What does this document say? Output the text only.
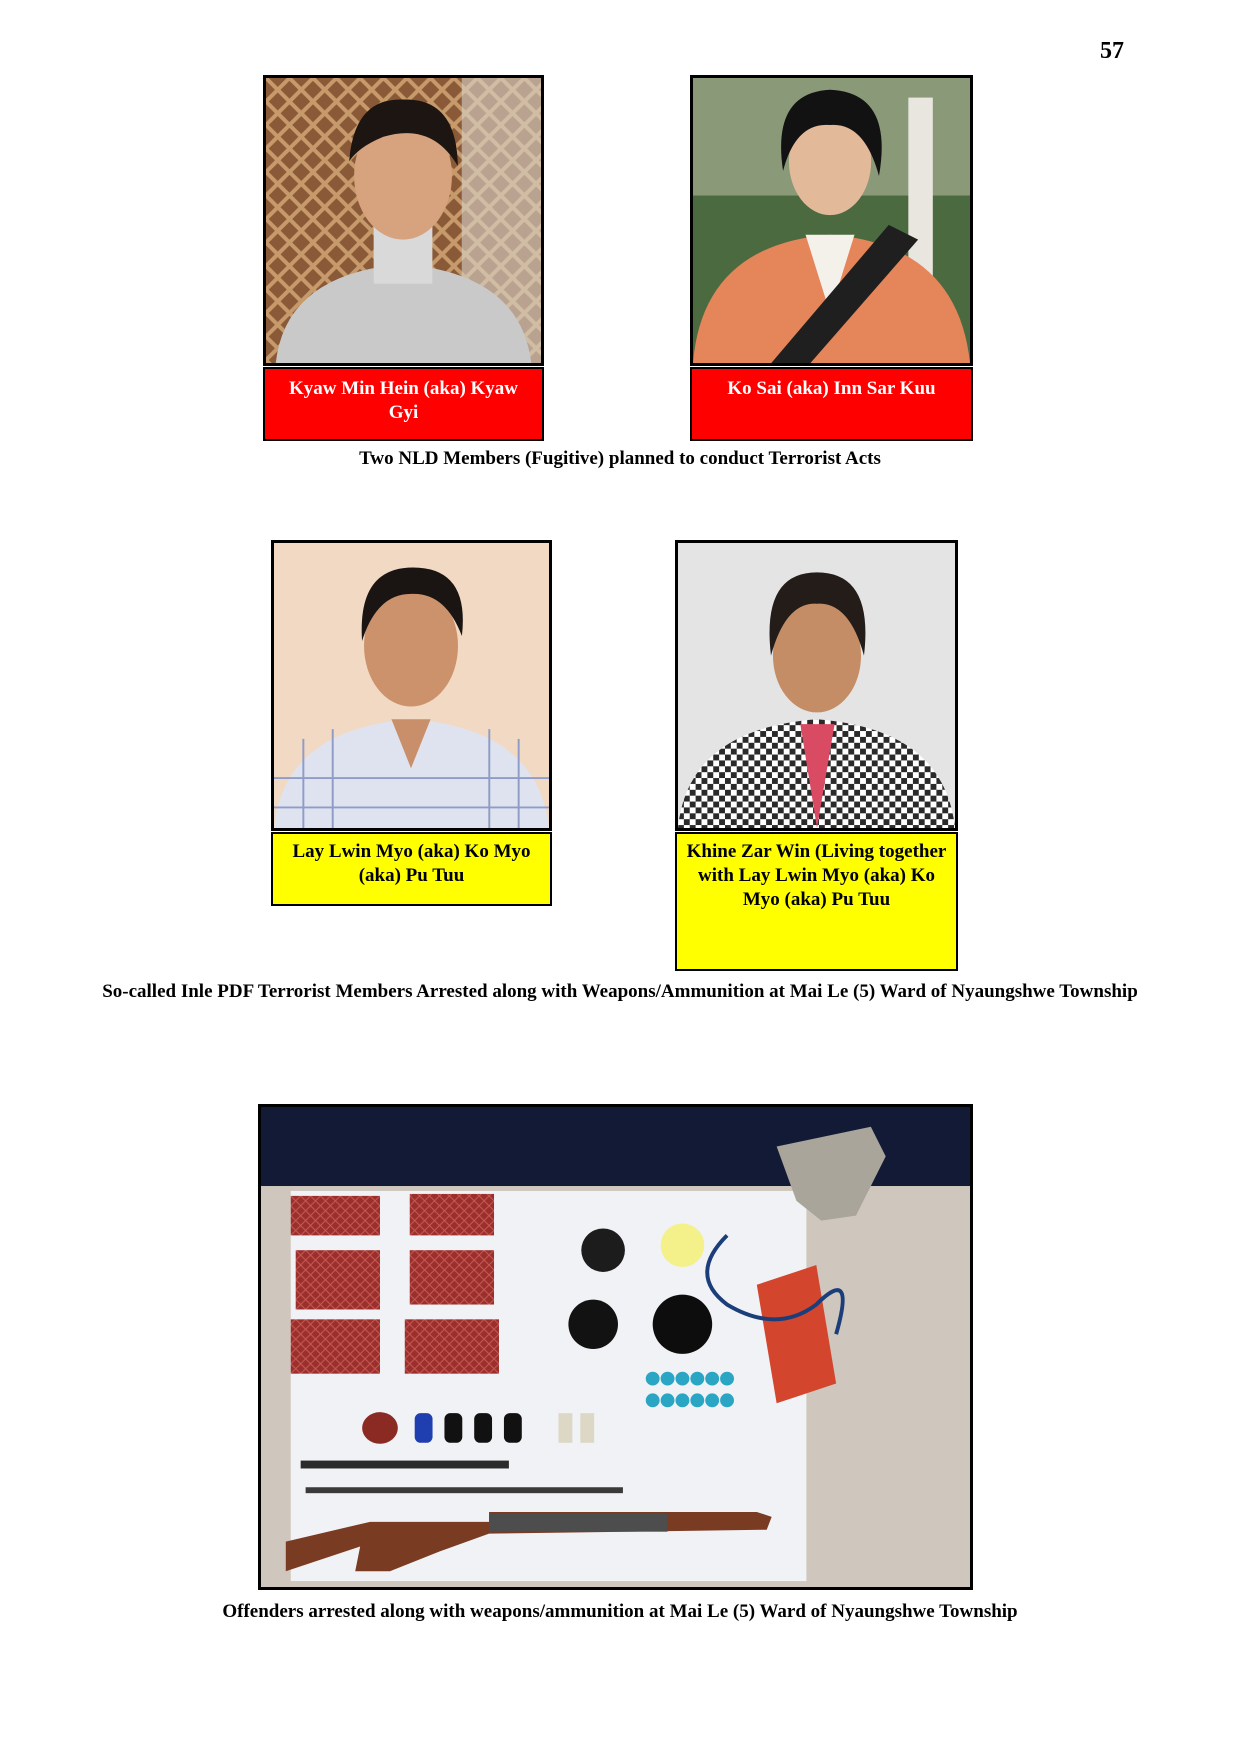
57
Kyaw Min Hein (aka) Kyaw Gyi
Ko Sai (aka) Inn Sar Kuu
Two NLD Members (Fugitive) planned to conduct Terrorist Acts
Lay Lwin Myo (aka) Ko Myo (aka) Pu Tuu
Khine Zar Win (Living together with Lay Lwin Myo (aka) Ko Myo (aka) Pu Tuu
So-called Inle PDF Terrorist Members Arrested along with Weapons/Ammunition at Mai Le (5) Ward of Nyaungshwe Township
Offenders arrested along with weapons/ammunition at Mai Le (5) Ward of Nyaungshwe Township
